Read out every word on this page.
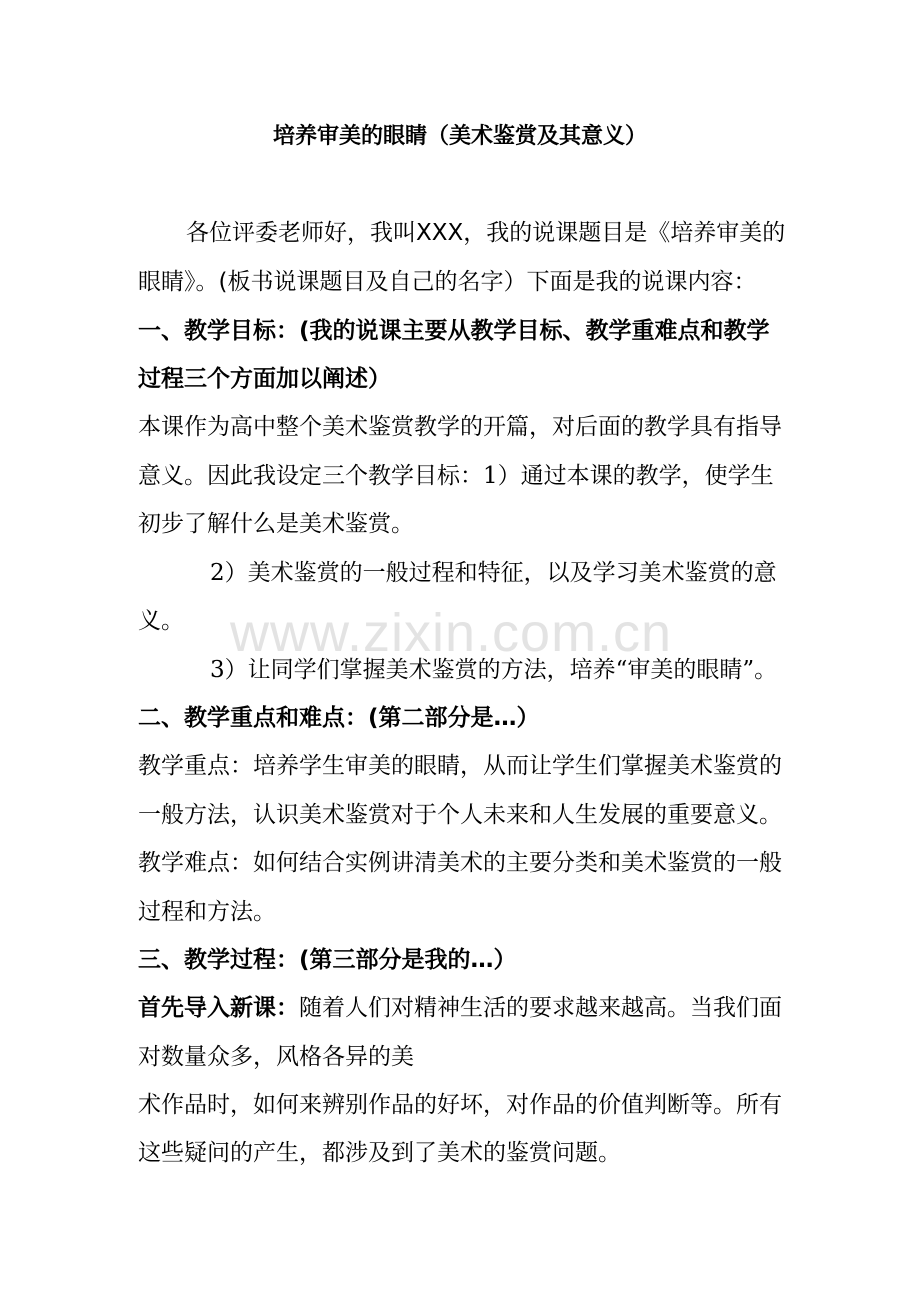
培养审美的眼睛（美术鉴赏及其意义）
各位评委老师好，我叫XXX，我的说课题目是《培养审美的
眼睛》。(板书说课题目及自己的名字）下面是我的说课内容：
一、教学目标：(我的说课主要从教学目标、教学重难点和教学
过程三个方面加以阐述）
本课作为高中整个美术鉴赏教学的开篇，对后面的教学具有指导
意义。因此我设定三个教学目标：1）通过本课的教学，使学生
初步了解什么是美术鉴赏。
2）美术鉴赏的一般过程和特征，以及学习美术鉴赏的意
义。
3）让同学们掌握美术鉴赏的方法，培养“审美的眼睛”。
二、教学重点和难点：(第二部分是…）
教学重点：培养学生审美的眼睛，从而让学生们掌握美术鉴赏的
一般方法，认识美术鉴赏对于个人未来和人生发展的重要意义。
教学难点：如何结合实例讲清美术的主要分类和美术鉴赏的一般
过程和方法。
三、教学过程：(第三部分是我的…）
首先导入新课：随着人们对精神生活的要求越来越高。当我们面
对数量众多，风格各异的美
术作品时，如何来辨别作品的好坏，对作品的价值判断等。所有
这些疑问的产生，都涉及到了美术的鉴赏问题。
www.zixin.com.cn
